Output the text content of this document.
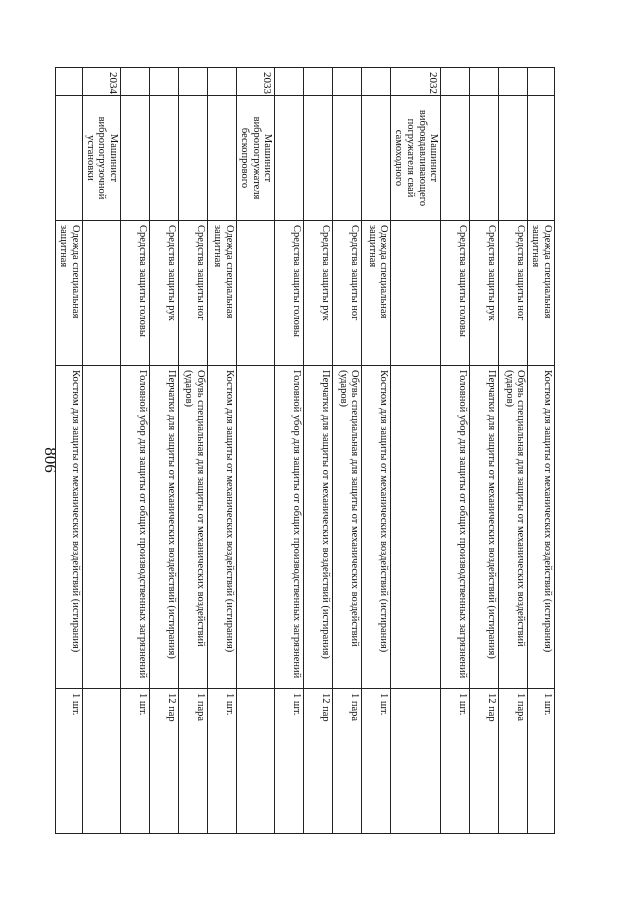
806
		Одежда специальная защитная	Костюм для защиты от механических воздействий (истирания)	1 шт.
		Средства защиты ног	Обувь специальная для защиты от механических воздействий (ударов)	1 пара
		Средства защиты рук	Перчатки для защиты от механических воздействий (истирания)	12 пар
		Средства защиты головы	Головной убор для защиты от общих производственных загрязнений	1 шт.
2032	Машинист вибровдавливающего погружателя свай самоходного			
		Одежда специальная защитная	Костюм для защиты от механических воздействий (истирания)	1 шт.
		Средства защиты ног	Обувь специальная для защиты от механических воздействий (ударов)	1 пара
		Средства защиты рук	Перчатки для защиты от механических воздействий (истирания)	12 пар
		Средства защиты головы	Головной убор для защиты от общих производственных загрязнений	1 шт.
2033	Машинист вибропогружателя бескопрового			
		Одежда специальная защитная	Костюм для защиты от механических воздействий (истирания)	1 шт.
		Средства защиты ног	Обувь специальная для защиты от механических воздействий (ударов)	1 пара
		Средства защиты рук	Перчатки для защиты от механических воздействий (истирания)	12 пар
		Средства защиты головы	Головной убор для защиты от общих производственных загрязнений	1 шт.
2034	Машинист вибропогрузочной установки			
		Одежда специальная защитная	Костюм для защиты от механических воздействий (истирания)	1 шт.
